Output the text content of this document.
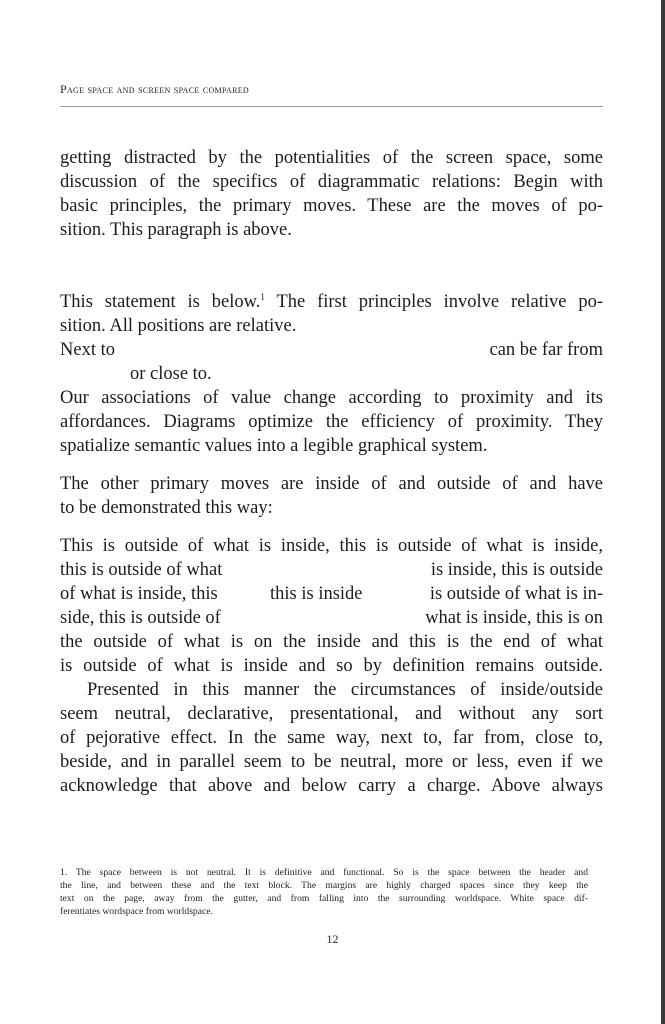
Page space and screen space compared
getting distracted by the potentialities of the screen space, some
discussion of the specifics of diagrammatic relations: Begin with
basic principles, the primary moves. These are the moves of po-
sition. This paragraph is above.
This statement is below.$^1$ The first principles involve relative po-
sition. All positions are relative.
Next to	can be far from
or close to.
Our associations of value change according to proximity and its
affordances. Diagrams optimize the efficiency of proximity. They
spatialize semantic values into a legible graphical system.
The other primary moves are inside of and outside of and have
to be demonstrated this way:
This is outside of what is inside, this is outside of what is inside,
this is outside of what	is inside, this is outside
of what is inside, this	this is inside	is outside of what is in-
side, this is outside of	what is inside, this is on
the outside of what is on the inside and this is the end of what
is outside of what is inside and so by definition remains outside.
Presented in this manner the circumstances of inside/outside
seem neutral, declarative, presentational, and without any sort
of pejorative effect. In the same way, next to, far from, close to,
beside, and in parallel seem to be neutral, more or less, even if we
acknowledge that above and below carry a charge. Above always
1. The space between is not neutral. It is definitive and functional. So is the space between the header and
the line, and between these and the text block. The margins are highly charged spaces since they keep the
text on the page, away from the gutter, and from falling into the surrounding worldspace. White space dif-
ferentiates wordspace from worldspace.
12
